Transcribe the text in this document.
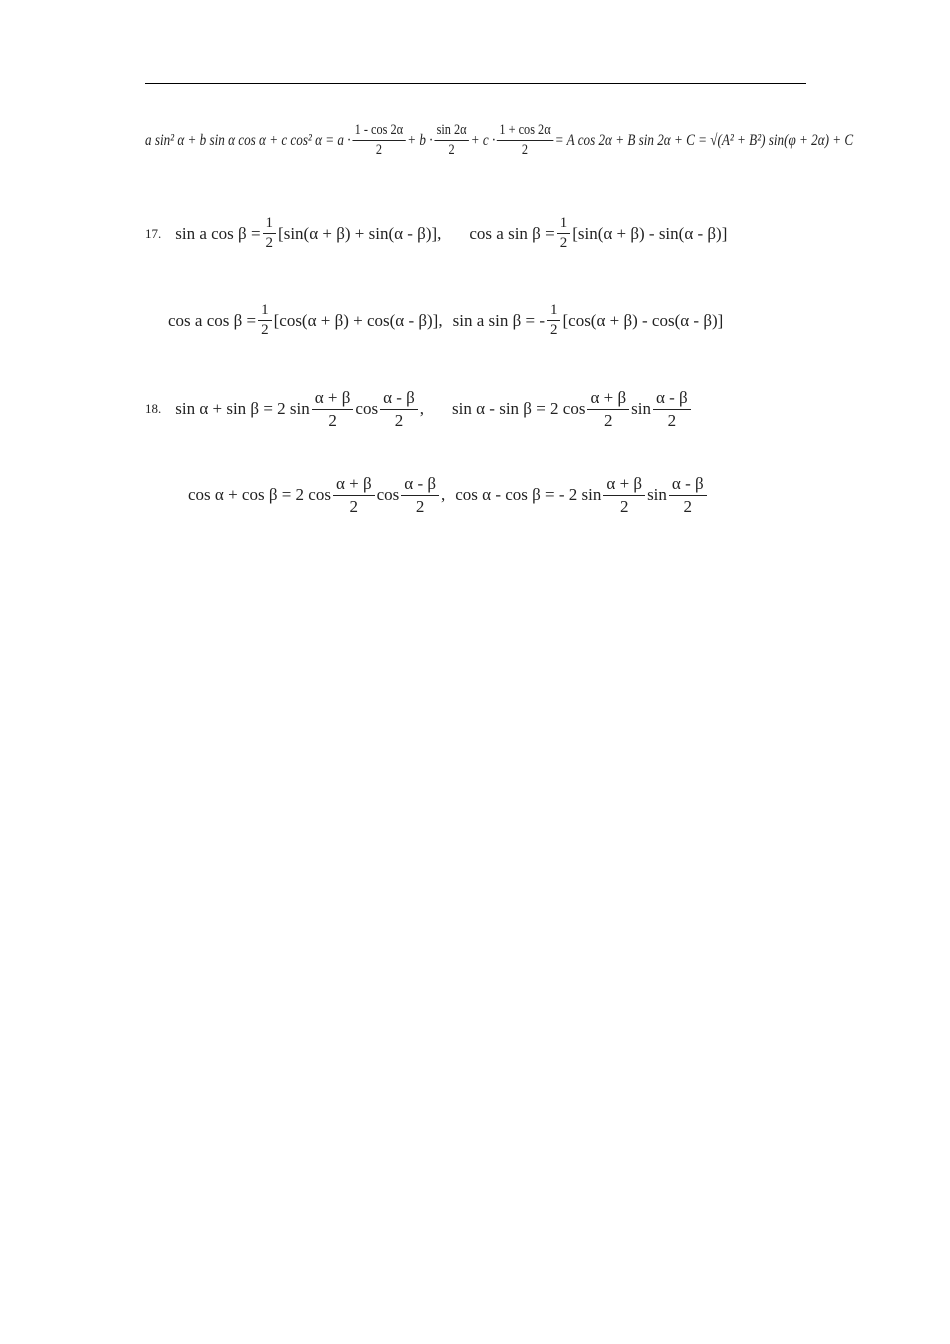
a sin² α + b sin α cos α + c cos² $\alpha = a \cdot \frac{1 - \cos 2\alpha}{2} + b \cdot \frac{\sin 2\alpha}{2} + c \cdot \frac{1 + \cos 2\alpha}{2} = A$ cos 2α + B sin 2α + C = √(A² + B²) sin(φ + 2α) + C
17. sin a $\cos \beta = \frac{1}{2} [\sin(\alpha + \beta) + \sin(\alpha - \beta)]$, cos a $\sin \beta = \frac{1}{2} [\sin(\alpha + \beta) - \sin(\alpha - \beta)]$
cos a $\cos \beta = \frac{1}{2} [\cos(\alpha + \beta) + \cos(\alpha - \beta)]$, sin a sin β = - $\frac{1}{2} [\cos(\alpha + \beta) - \cos(\alpha - \beta)]$
18. sin α + sin β = 2 $\sin \frac{\alpha + \beta}{2}$ $\cos \frac{\alpha - \beta}{2}$ , sin α - sin β = 2 $\cos \frac{\alpha + \beta}{2}$ $\sin \frac{\alpha - \beta}{2}$
cos α + cos β = 2 $\cos \frac{\alpha + \beta}{2}$ $\cos \frac{\alpha - \beta}{2}$ , cos α - cos β = - 2 $\sin \frac{\alpha + \beta}{2}$ $\sin \frac{\alpha - \beta}{2}$
